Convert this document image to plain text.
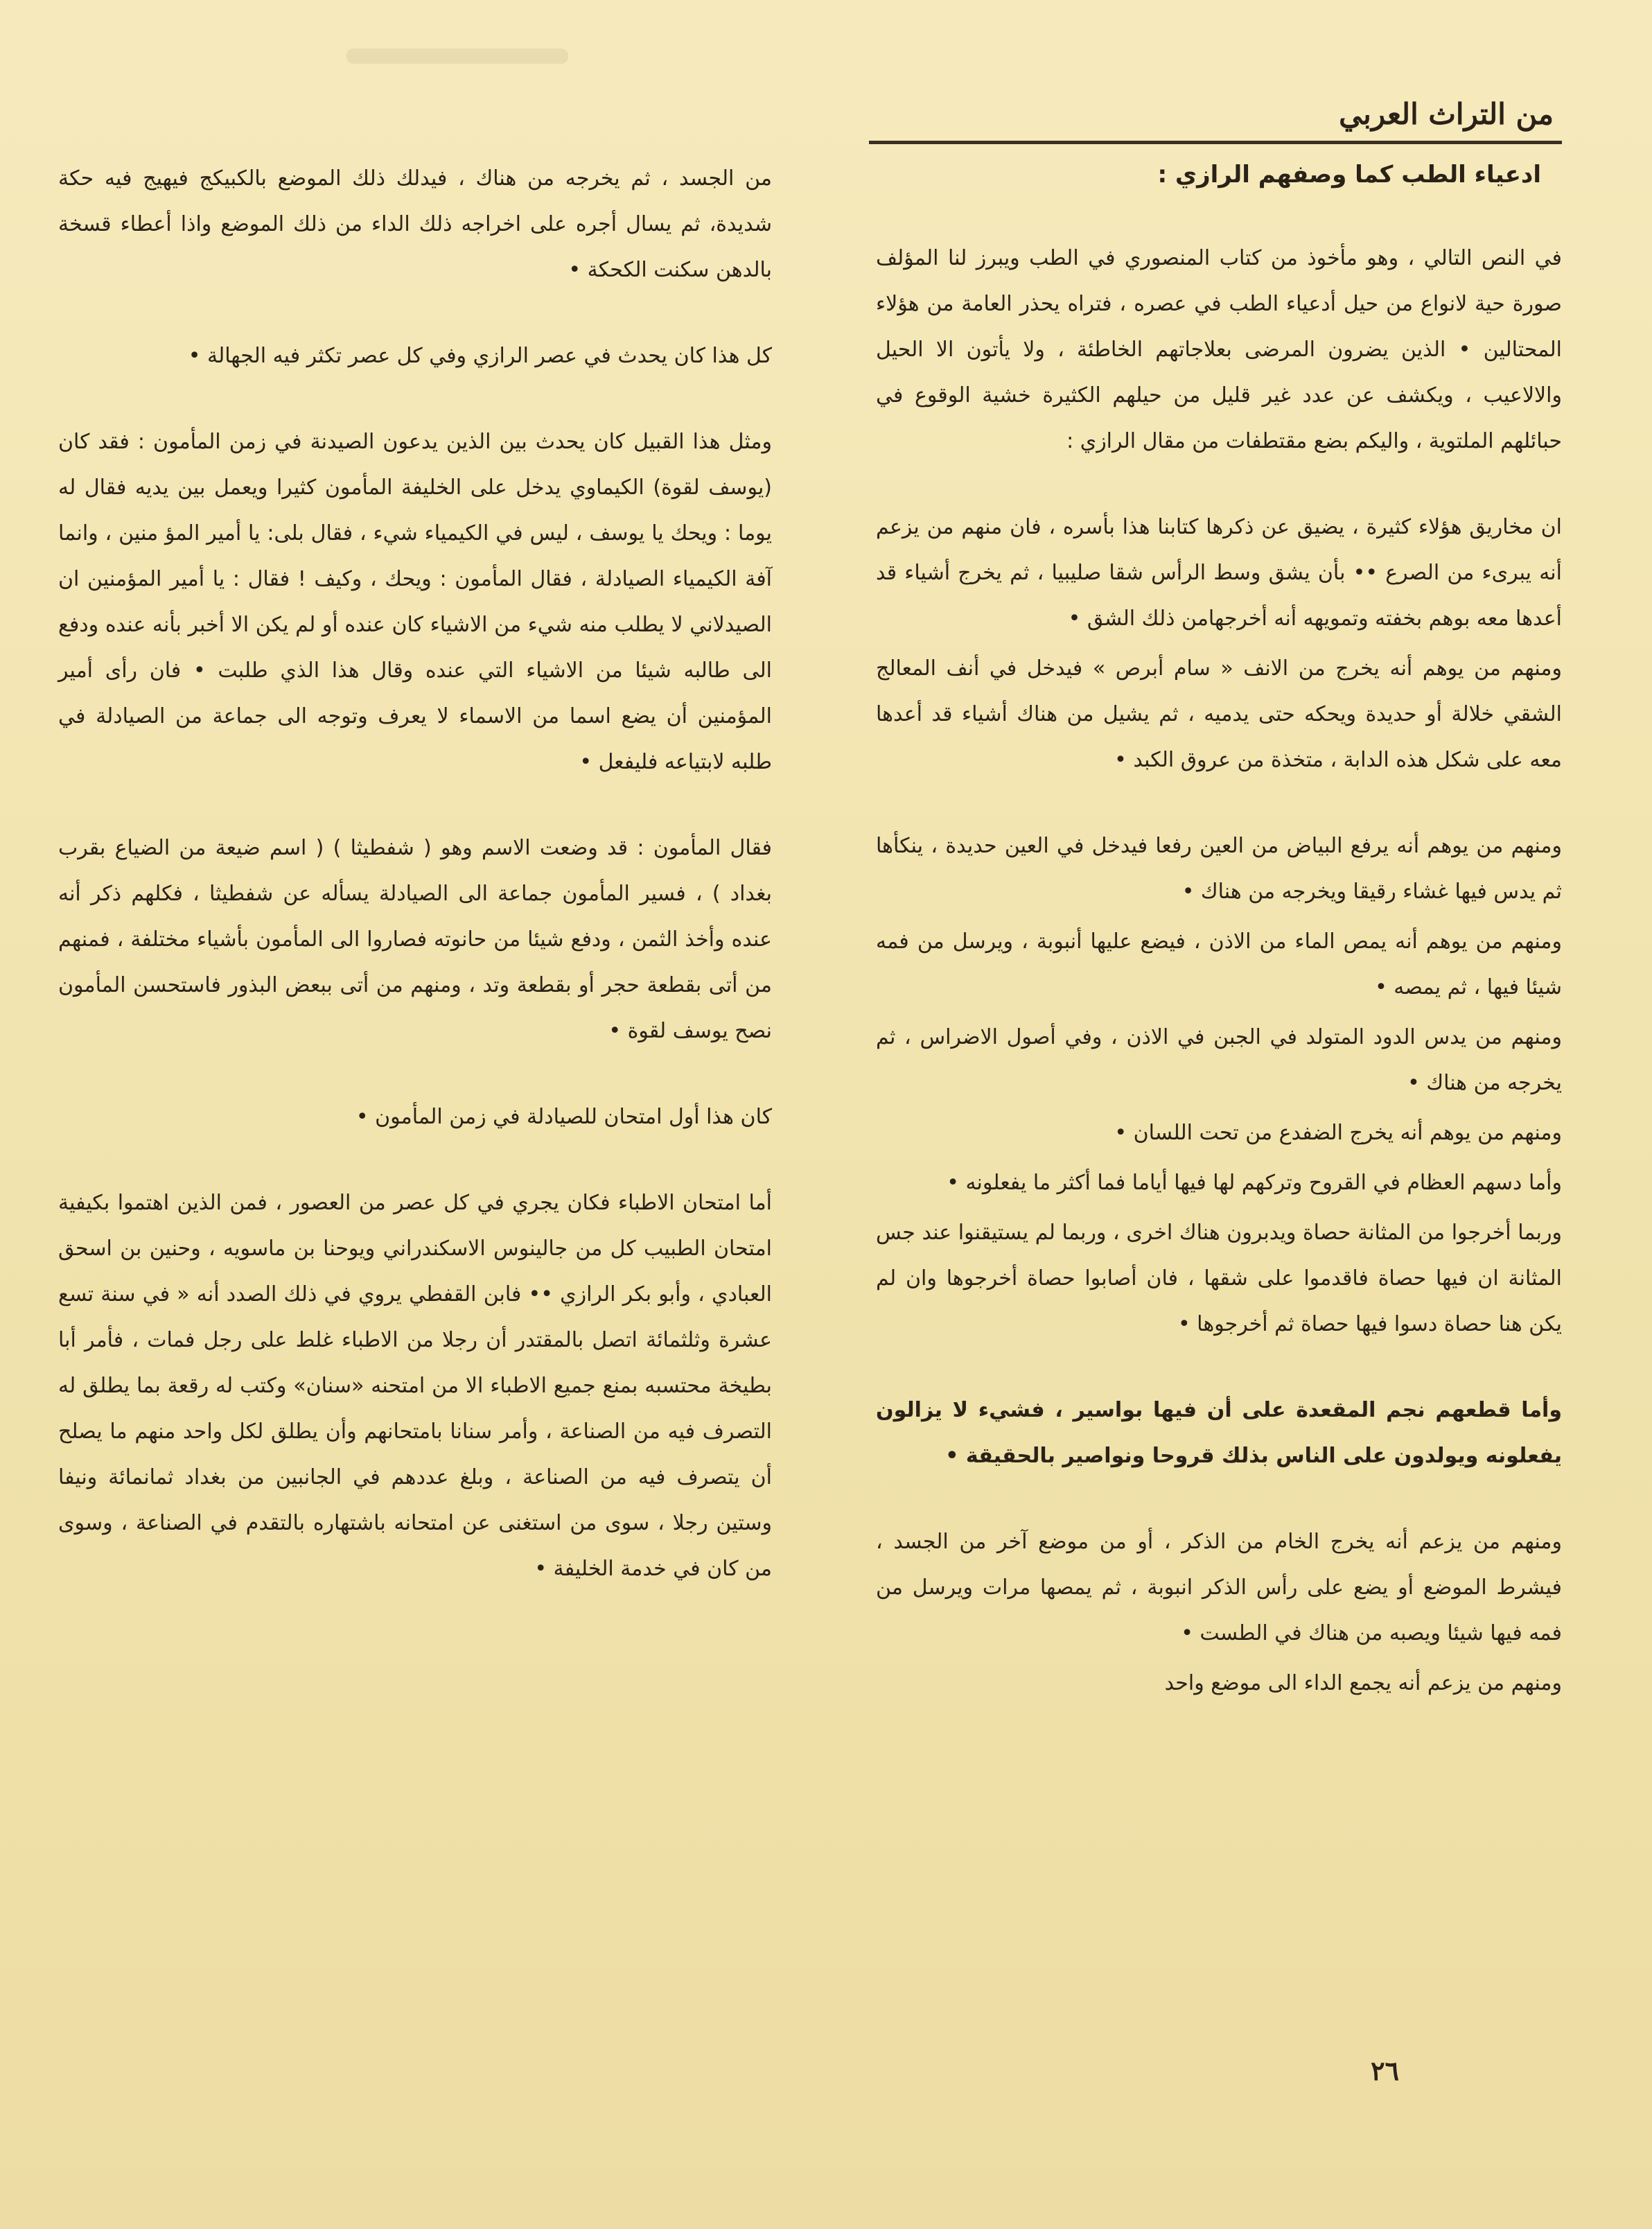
من التراث العربي
ادعياء الطب كما وصفهم الرازي :

في النص التالي ، وهو مأخوذ من كتاب المنصوري في الطب ويبرز لنا المؤلف صورة حية لانواع من حيل أدعياء الطب في عصره ، فتراه يحذر العامة من هؤلاء المحتالين • الذين يضرون المرضى بعلاجاتهم الخاطئة ، ولا يأتون الا الحيل والالاعيب ، ويكشف عن عدد غير قليل من حيلهم الكثيرة خشية الوقوع في حبائلهم الملتوية ، واليكم بضع مقتطفات من مقال الرازي :

ان مخاريق هؤلاء كثيرة ، يضيق عن ذكرها كتابنا هذا بأسره ، فان منهم من يزعم أنه يبرىء من الصرع •• بأن يشق وسط الرأس شقا صليبيا ، ثم يخرج أشياء قد أعدها معه بوهم بخفته وتمويهه أنه أخرجهامن ذلك الشق •

ومنهم من يوهم أنه يخرج من الانف « سام أبرص » فيدخل في أنف المعالج الشقي خلالة أو حديدة ويحكه حتى يدميه ، ثم يشيل من هناك أشياء قد أعدها معه على شكل هذه الدابة ، متخذة من عروق الكبد •

ومنهم من يوهم أنه يرفع البياض من العين رفعا فيدخل في العين حديدة ، ينكأها ثم يدس فيها غشاء رقيقا ويخرجه من هناك •

ومنهم من يوهم أنه يمص الماء من الاذن ، فيضع عليها أنبوبة ، ويرسل من فمه شيئا فيها ، ثم يمصه •

ومنهم من يدس الدود المتولد في الجبن في الاذن ، وفي أصول الاضراس ، ثم يخرجه من هناك •

ومنهم من يوهم أنه يخرج الضفدع من تحت اللسان •

وأما دسهم العظام في القروح وتركهم لها فيها أياما فما أكثر ما يفعلونه •

وربما أخرجوا من المثانة حصاة ويدبرون هناك اخرى ، وربما لم يستيقنوا عند جس المثانة ان فيها حصاة فاقدموا على شقها ، فان أصابوا حصاة أخرجوها وان لم يكن هنا حصاة دسوا فيها حصاة ثم أخرجوها •

وأما قطعهم نجم المقعدة على أن فيها بواسير ، فشيء لا يزالون يفعلونه ويولدون على الناس بذلك قروحا ونواصير بالحقيقة •

ومنهم من يزعم أنه يخرج الخام من الذكر ، أو من موضع آخر من الجسد ، فيشرط الموضع أو يضع على رأس الذكر انبوبة ، ثم يمصها مرات ويرسل من فمه فيها شيئا ويصبه من هناك في الطست •

ومنهم من يزعم أنه يجمع الداء الى موضع واحد

من الجسد ، ثم يخرجه من هناك ، فيدلك ذلك الموضع بالكبيكج فيهيج فيه حكة شديدة، ثم يسال أجره على اخراجه ذلك الداء من ذلك الموضع واذا أعطاء قسخة بالدهن سكنت الكحكة •

كل هذا كان يحدث في عصر الرازي وفي كل عصر تكثر فيه الجهالة •

ومثل هذا القبيل كان يحدث بين الذين يدعون الصيدنة في زمن المأمون : فقد كان (يوسف لقوة) الكيماوي يدخل على الخليفة المأمون كثيرا ويعمل بين يديه فقال له يوما : ويحك يا يوسف ، ليس في الكيمياء شيء ، فقال بلى: يا أمير المؤ منين ، وانما آفة الكيمياء الصيادلة ، فقال المأمون : ويحك ، وكيف ! فقال : يا أمير المؤمنين ان الصيدلاني لا يطلب منه شيء من الاشياء كان عنده أو لم يكن الا أخبر بأنه عنده ودفع الى طالبه شيئا من الاشياء التي عنده وقال هذا الذي طلبت • فان رأى أمير المؤمنين أن يضع اسما من الاسماء لا يعرف وتوجه الى جماعة من الصيادلة في طلبه لابتياعه فليفعل •

فقال المأمون : قد وضعت الاسم وهو ( شفطيثا ) ( اسم ضيعة من الضياع بقرب بغداد ) ، فسير المأمون جماعة الى الصيادلة يسأله عن شفطيثا ، فكلهم ذكر أنه عنده وأخذ الثمن ، ودفع شيئا من حانوته فصاروا الى المأمون بأشياء مختلفة ، فمنهم من أتى بقطعة حجر أو بقطعة وتد ، ومنهم من أتى ببعض البذور فاستحسن المأمون نصح يوسف لقوة •

كان هذا أول امتحان للصيادلة في زمن المأمون •

أما امتحان الاطباء فكان يجري في كل عصر من العصور ، فمن الذين اهتموا بكيفية امتحان الطبيب كل من جالينوس الاسكندراني ويوحنا بن ماسويه ، وحنين بن اسحق العبادي ، وأبو بكر الرازي •• فابن القفطي يروي في ذلك الصدد أنه « في سنة تسع عشرة وثلثمائة اتصل بالمقتدر أن رجلا من الاطباء غلط على رجل فمات ، فأمر أبا بطيخة محتسبه بمنع جميع الاطباء الا من امتحنه «سنان» وكتب له رقعة بما يطلق له التصرف فيه من الصناعة ، وأمر سنانا بامتحانهم وأن يطلق لكل واحد منهم ما يصلح أن يتصرف فيه من الصناعة ، وبلغ عددهم في الجانبين من بغداد ثمانمائة ونيفا وستين رجلا ، سوى من استغنى عن امتحانه باشتهاره بالتقدم في الصناعة ، وسوى من كان في خدمة الخليفة •

٢٦
